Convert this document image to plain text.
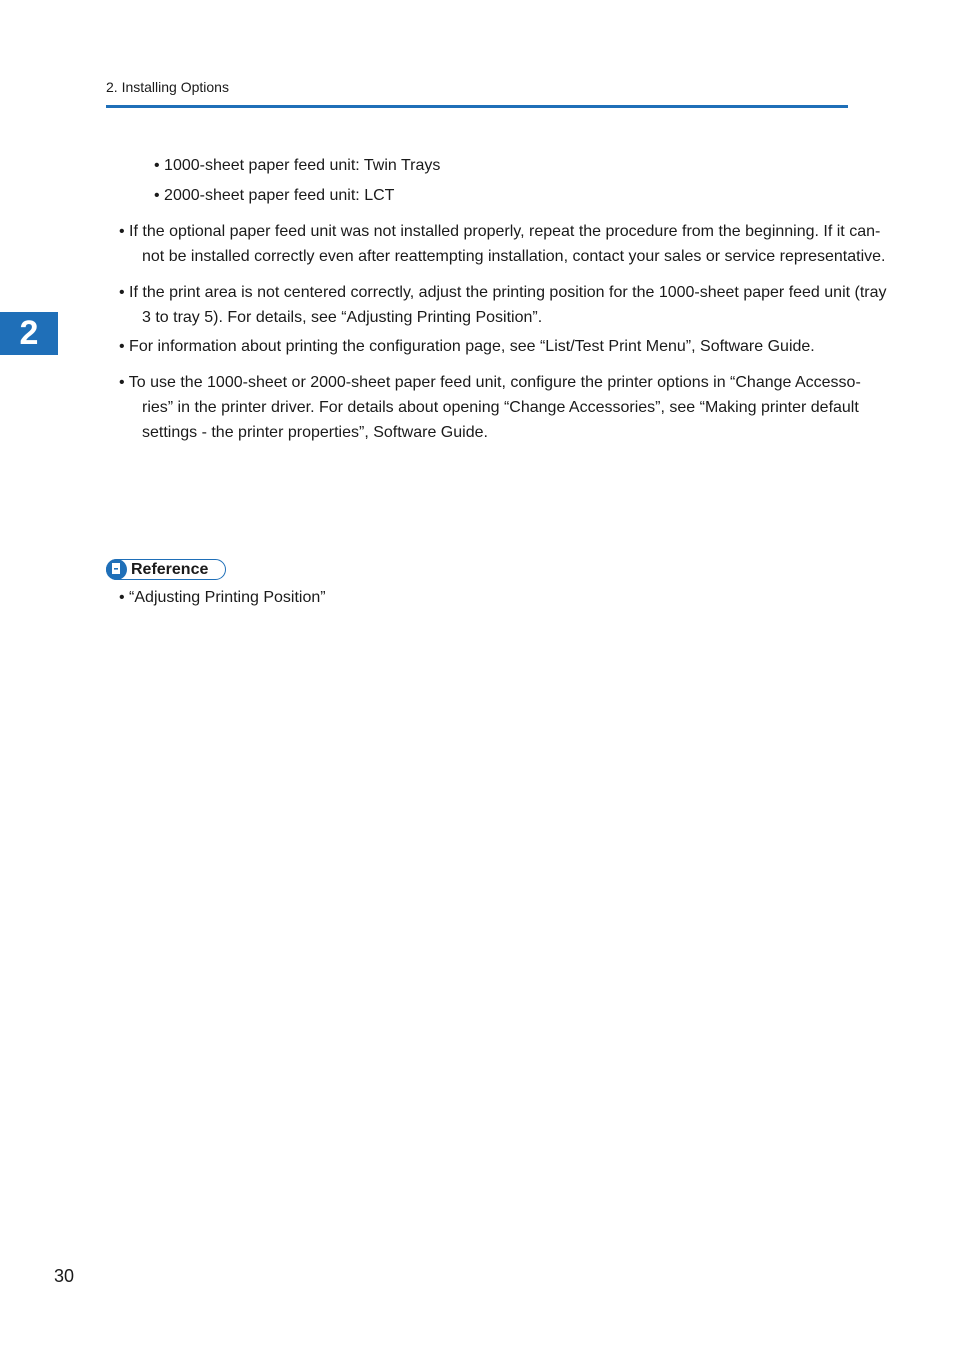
2. Installing Options
2
• 1000-sheet paper feed unit: Twin Trays
• 2000-sheet paper feed unit: LCT
• If the optional paper feed unit was not installed properly, repeat the procedure from the beginning. If it can-
not be installed correctly even after reattempting installation, contact your sales or service representative.
• If the print area is not centered correctly, adjust the printing position for the 1000-sheet paper feed unit (tray
3 to tray 5). For details, see “Adjusting Printing Position”.
• For information about printing the configuration page, see “List/Test Print Menu”, Software Guide.
• To use the 1000-sheet or 2000-sheet paper feed unit, configure the printer options in “Change Accesso-
ries” in the printer driver. For details about opening “Change Accessories”, see “Making printer default
settings - the printer properties”, Software Guide.
Reference
• “Adjusting Printing Position”
30
